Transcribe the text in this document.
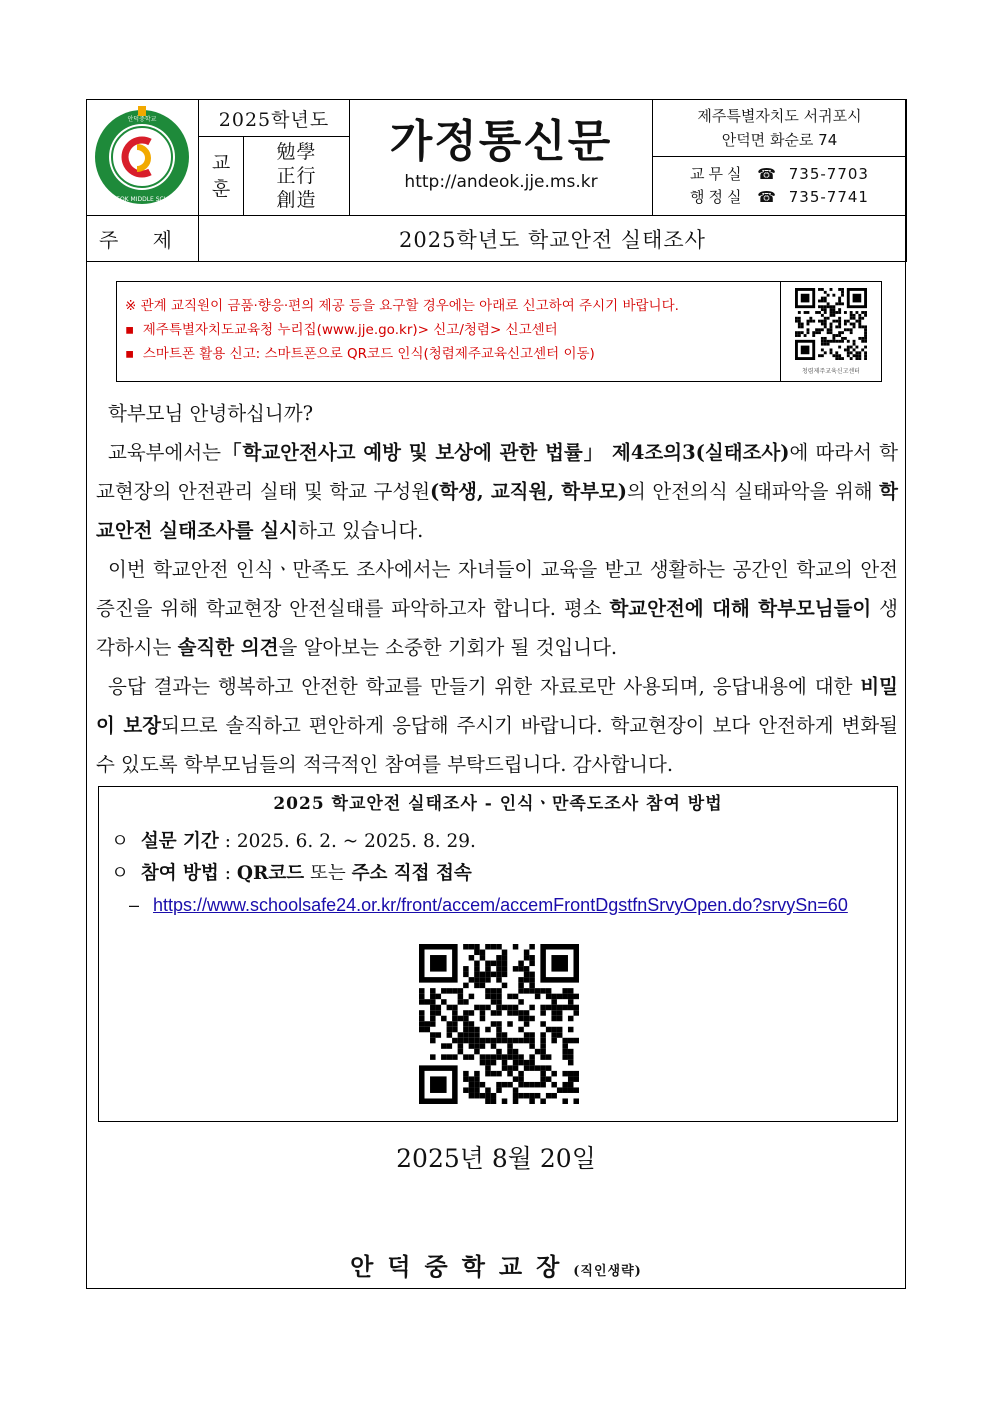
안덕중학교
ANDEOK MIDDLE SCHOOL
2025학년도
교
훈
勉學
正行
創造
가정통신문
http://andeok.jje.ms.kr
제주특별자치도 서귀포시
안덕면 화순로 74
교무실 ☎ 735-7703
행정실 ☎ 735-7741
주 제	2025학년도 학교안전 실태조사
※ 관계 교직원이 금품·향응·편의 제공 등을 요구할 경우에는 아래로 신고하여 주시기 바랍니다.
▪ 제주특별자치도교육청 누리집(www.jje.go.kr)> 신고/청렴> 신고센터
▪ 스마트폰 활용 신고: 스마트폰으로 QR코드 인식(청렴제주교육신고센터 이동)
청렴제주교육신고센터

학부모님 안녕하십니까?

교육부에서는「학교안전사고 예방 및 보상에 관한 법률」 제4조의3(실태조사)에 따라서 학교현장의 안전관리 실태 및 학교 구성원(학생, 교직원, 학부모)의 안전의식 실태파악을 위해 학교안전 실태조사를 실시하고 있습니다.

이번 학교안전 인식ㆍ만족도 조사에서는 자녀들이 교육을 받고 생활하는 공간인 학교의 안전증진을 위해 학교현장 안전실태를 파악하고자 합니다. 평소 학교안전에 대해 학부모님들이 생각하시는 솔직한 의견을 알아보는 소중한 기회가 될 것입니다.

응답 결과는 행복하고 안전한 학교를 만들기 위한 자료로만 사용되며, 응답내용에 대한 비밀이 보장되므로 솔직하고 편안하게 응답해 주시기 바랍니다. 학교현장이 보다 안전하게 변화될 수 있도록 학부모님들의 적극적인 참여를 부탁드립니다. 감사합니다.

2025 학교안전 실태조사 - 인식ㆍ만족도조사 참여 방법
ㅇ 설문 기간 : 2025. 6. 2. ~ 2025. 8. 29.
ㅇ 참여 방법 : QR코드 또는 주소 직접 접속
– https://www.schoolsafe24.or.kr/front/accem/accemFrontDgstfnSrvyOpen.do?srvySn=60
2025년 8월 20일
안덕중학교장(직인생략)
